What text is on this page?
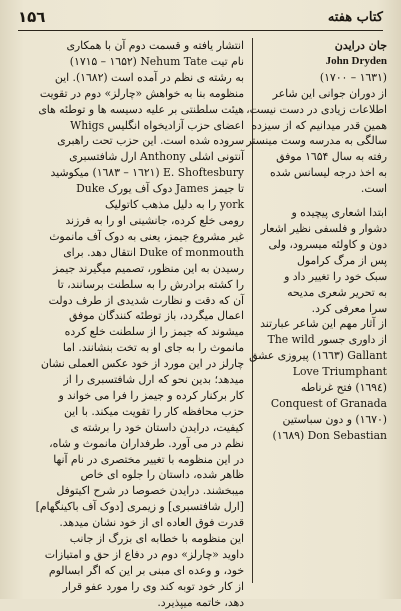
۱۵٦	کتاب هفته
انتشار یافته و قسمت دوم آن با همکاری
نام تیت Nehum Tate (۱۷۱۵ – ۱٦۵۲)
به رشته ی نظم در آمده است (۱٦۸۲). این
منظومه بنا به خواهش «چارلز» دوم در تقویت
هیئت سلطنتی بر علیه دسیسه ها و توطئه های
اعضای حزب آزادیخواه انگلیس Whigs
سروده شده است. این حزب تحت راهبری
آنتونی اشلی Anthony ارل شافتسبری
E. Shoftesbury (۱٦۸۳ – ۱٦۲۱) میکوشید
تا جیمز James دوک آف یورک Duke
york را به دلیل مذهب کاتولیک
رومی خلع کرده، جانشینی او را به فرزند
غیر مشروع جیمز، یعنی به دوک آف مانموث
Duke of monmouth انتقال دهد. برای
رسیدن به این منظور، تصمیم میگیرند جیمز
را کشته برادرش را به سلطنت برسانند، تا
آن که دقت و نظارت شدیدی از طرف دولت
اعمال میگردد، باز توطئه کنندگان موفق
میشوند که جیمز را از سلطنت خلع کرده
مانموث را به جای او به تخت بنشانند. اما
چارلز در این مورد از خود عکس العملی نشان
میدهد؛ بدین نحو که ارل شافتسبری را از
کار برکنار کرده و جیمز را فرا می خواند و
حزب محافظه کار را تقویت میکند. با این
کیفیت، درایدن داستان خود را برشته ی
نظم در می آورد. طرفداران مانموث و شاه،
در این منظومه با تغییر مختصری در نام آنها
ظاهر شده، داستان را جلوه ای خاص
میبخشند. درایدن خصوصا در شرح اکیتوفل
[ارل شافتسبری] و زیمری [دوک آف باکینگهام]
قدرت فوق العاده ای از خود نشان میدهد.
این منظومه با خطابه ای بزرگ از جانب
داوید «چارلز» دوم در دفاع از حق و امتیازات
خود، و وعده ای مبنی بر این که اگر ابسالوم
از کار خود توبه کند وی را مورد عفو قرار
دهد، خاتمه میپذیرد.
جان درایدن
John Dryden
(۱٦۳۱ – ۱۷۰۰)
از دوران جوانی این شاعر
اطلاعات زیادی در دست نیست،
همین قدر میدانیم که از سیزده
سالگی به مدرسه وست مینستر
رفته به سال ۱٦۵۴ موفق
به اخذ درجه لیسانس شده
است.

ابتدا اشعاری پیچیده و
دشوار و فلسفی نظیر اشعار
دون و کاولئه میسرود، ولی
پس از مرگ کرامول
سبک خود را تغییر داد و
به تحریر شعری مدیحه
سرا معرفی کرد.
از آثار مهم این شاعر عبارتند
از داوری جسور The wild
Gallant (۱٦٦۳) پیروزی عشق
Love Triumphant
(۱٦٩٤) فتح غرناطه
Conquest of Granada
(۱٦۷۰) و دون سباستین
Don Sebastian (۱٦٨٩)
